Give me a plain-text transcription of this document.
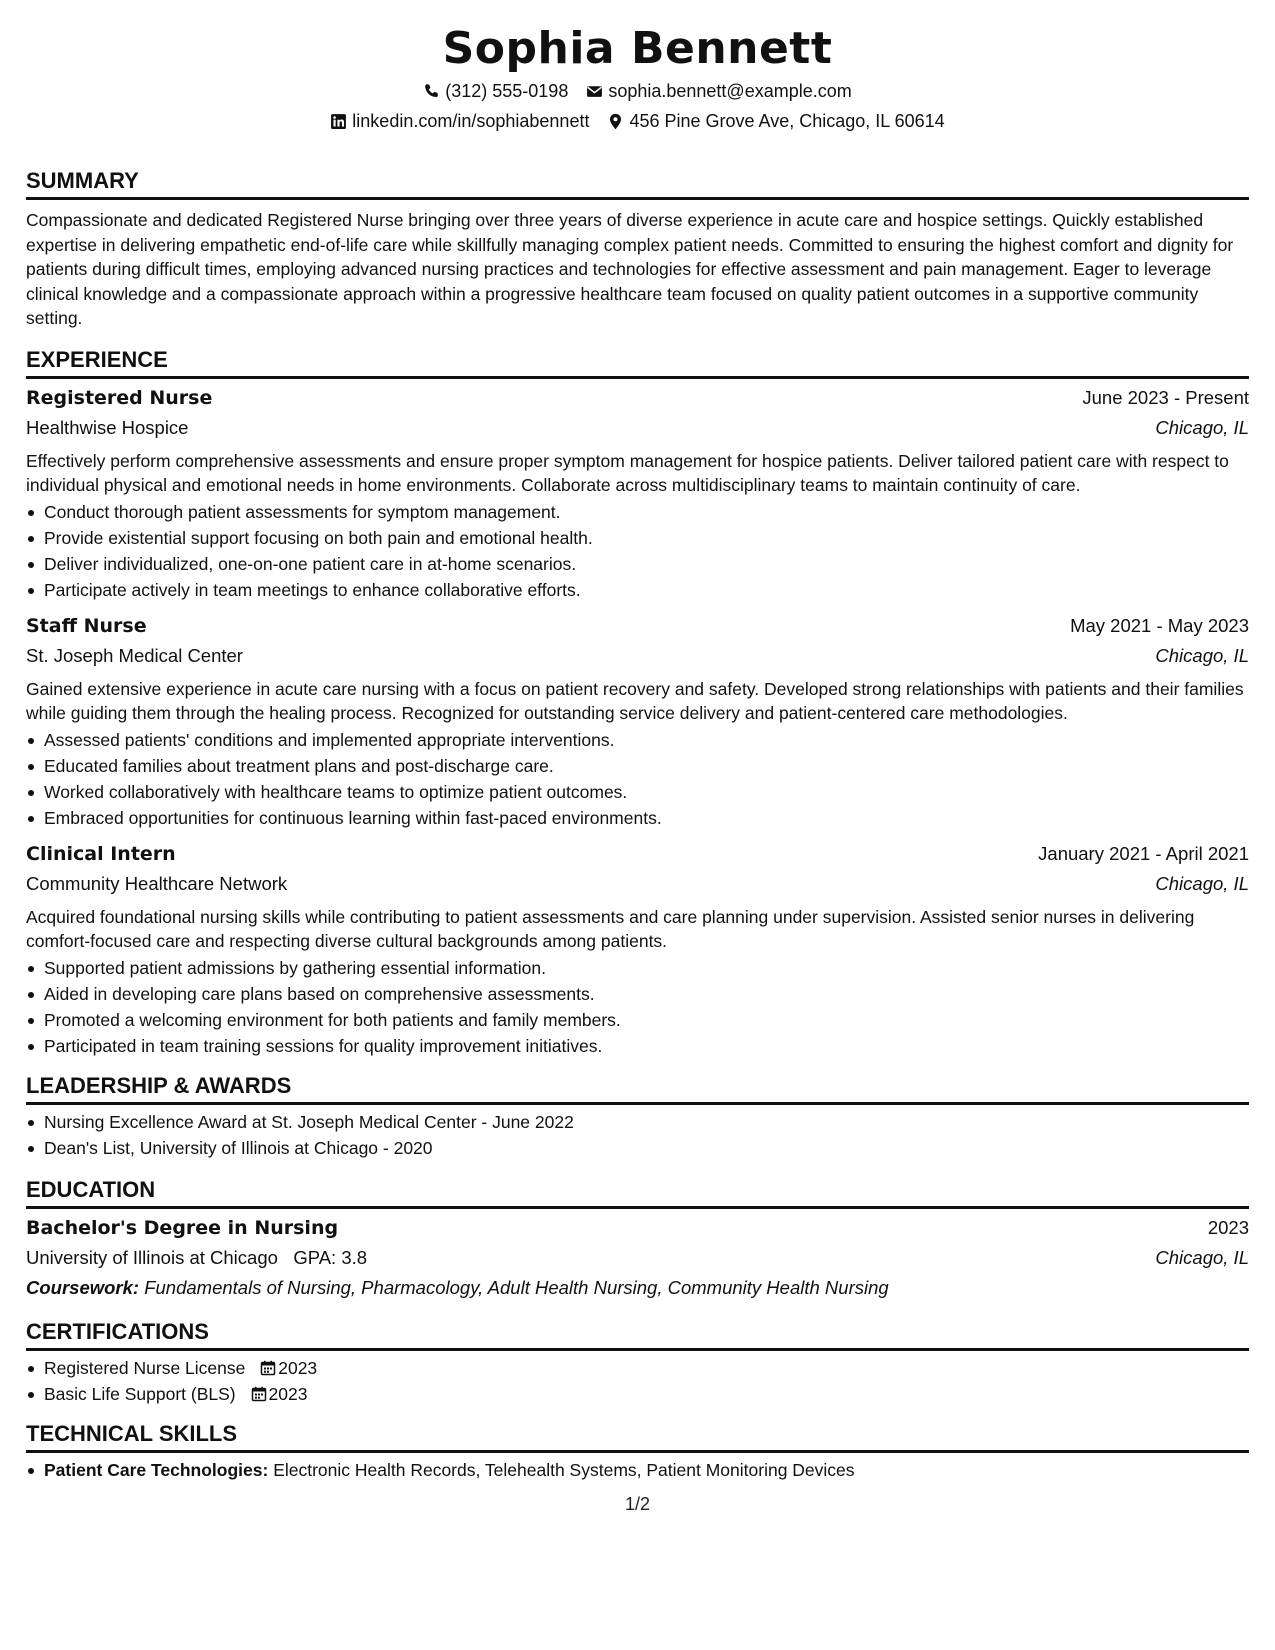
Sophia Bennett
(312) 555-0198 sophia.bennett@example.com
linkedin.com/in/sophiabennett 456 Pine Grove Ave, Chicago, IL 60614
SUMMARY

Compassionate and dedicated Registered Nurse bringing over three years of diverse experience in acute care and hospice settings. Quickly established expertise in delivering empathetic end-of-life care while skillfully managing complex patient needs. Committed to ensuring the highest comfort and dignity for patients during difficult times, employing advanced nursing practices and technologies for effective assessment and pain management. Eager to leverage clinical knowledge and a compassionate approach within a progressive healthcare team focused on quality patient outcomes in a supportive community setting.

EXPERIENCE
Registered Nurse	June 2023 - Present
Healthwise Hospice	Chicago, IL

Effectively perform comprehensive assessments and ensure proper symptom management for hospice patients. Deliver tailored patient care with respect to individual physical and emotional needs in home environments. Collaborate across multidisciplinary teams to maintain continuity of care.

Conduct thorough patient assessments for symptom management.
Provide existential support focusing on both pain and emotional health.
Deliver individualized, one-on-one patient care in at-home scenarios.
Participate actively in team meetings to enhance collaborative efforts.
Staff Nurse	May 2021 - May 2023
St. Joseph Medical Center	Chicago, IL

Gained extensive experience in acute care nursing with a focus on patient recovery and safety. Developed strong relationships with patients and their families while guiding them through the healing process. Recognized for outstanding service delivery and patient-centered care methodologies.

Assessed patients' conditions and implemented appropriate interventions.
Educated families about treatment plans and post-discharge care.
Worked collaboratively with healthcare teams to optimize patient outcomes.
Embraced opportunities for continuous learning within fast-paced environments.
Clinical Intern	January 2021 - April 2021
Community Healthcare Network	Chicago, IL

Acquired foundational nursing skills while contributing to patient assessments and care planning under supervision. Assisted senior nurses in delivering comfort-focused care and respecting diverse cultural backgrounds among patients.

Supported patient admissions by gathering essential information.
Aided in developing care plans based on comprehensive assessments.
Promoted a welcoming environment for both patients and family members.
Participated in team training sessions for quality improvement initiatives.
LEADERSHIP & AWARDS
Nursing Excellence Award at St. Joseph Medical Center - June 2022
Dean's List, University of Illinois at Chicago - 2020
EDUCATION
Bachelor's Degree in Nursing	2023
University of Illinois at Chicago GPA: 3.8	Chicago, IL
Coursework: Fundamentals of Nursing, Pharmacology, Adult Health Nursing, Community Health Nursing
CERTIFICATIONS
Registered Nurse License 2023
Basic Life Support (BLS) 2023
TECHNICAL SKILLS
Patient Care Technologies: Electronic Health Records, Telehealth Systems, Patient Monitoring Devices
1/2
